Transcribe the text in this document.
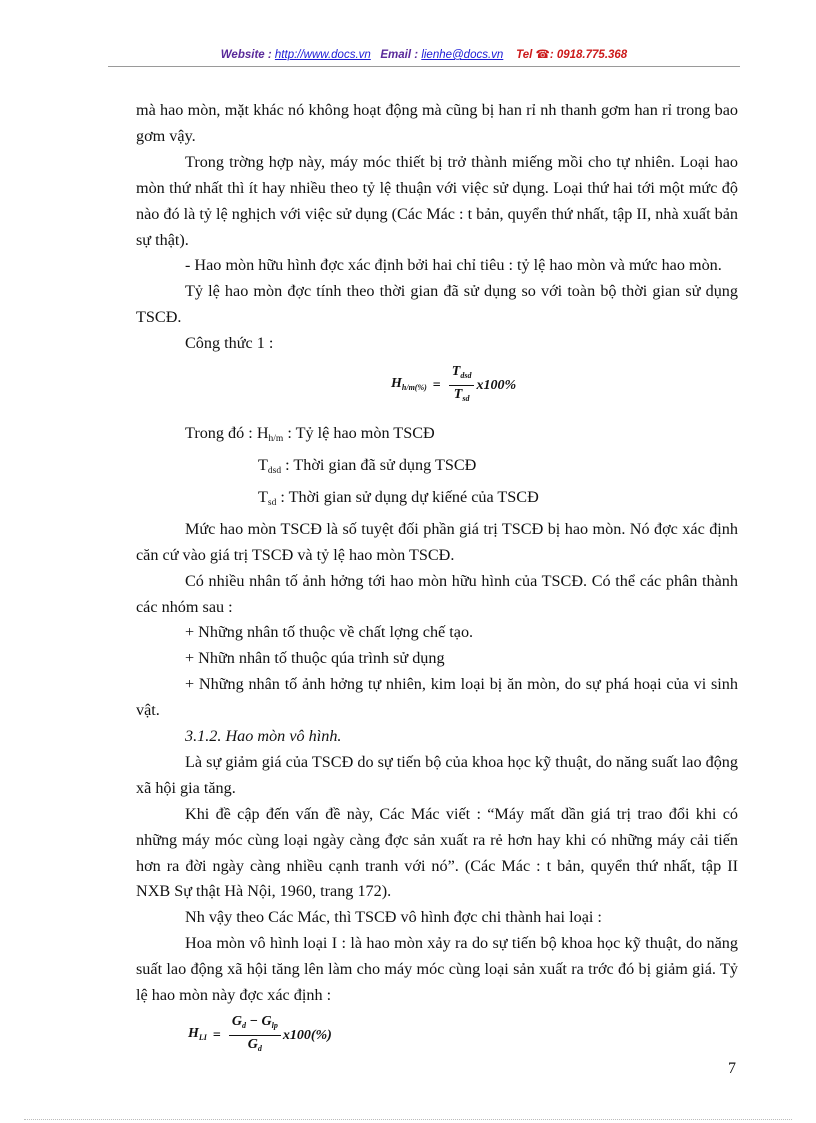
Website : http://www.docs.vn Email : lienhe@docs.vn Tel ☎: 0918.775.368

mà hao mòn, mặt khác nó không hoạt động mà cũng bị han rỉ nh thanh gơm han rỉ trong bao gơm vậy.

Trong trờng hợp này, máy móc thiết bị trở thành miếng mồi cho tự nhiên. Loại hao mòn thứ nhất thì ít hay nhiều theo tỷ lệ thuận với việc sử dụng. Loại thứ hai tới một mức độ nào đó là tỷ lệ nghịch với việc sử dụng (Các Mác : t bản, quyển thứ nhất, tập II, nhà xuất bản sự thật).

- Hao mòn hữu hình đợc xác định bởi hai chỉ tiêu : tỷ lệ hao mòn và mức hao mòn.

Tỷ lệ hao mòn đợc tính theo thời gian đã sử dụng so với toàn bộ thời gian sử dụng TSCĐ.

Công thức 1 :

$H_{h/m(\%)} = \frac{T_{dsd}}{T_{sd}} x100\%$

Trong đó : Hh/m : Tỷ lệ hao mòn TSCĐ

Tdsd : Thời gian đã sử dụng TSCĐ

Tsd : Thời gian sử dụng dự kiếné của TSCĐ

Mức hao mòn TSCĐ là số tuyệt đối phần giá trị TSCĐ bị hao mòn. Nó đợc xác định căn cứ vào giá trị TSCĐ và tỷ lệ hao mòn TSCĐ.

Có nhiều nhân tố ảnh hởng tới hao mòn hữu hình của TSCĐ. Có thể các phân thành các nhóm sau :

+ Những nhân tố thuộc về chất lợng chế tạo.

+ Nhữn nhân tố thuộc qúa trình sử dụng

+ Những nhân tố ảnh hởng tự nhiên, kim loại bị ăn mòn, do sự phá hoại của vi sinh vật.

3.1.2. Hao mòn vô hình.

Là sự giảm giá của TSCĐ do sự tiến bộ của khoa học kỹ thuật, do năng suất lao động xã hội gia tăng.

Khi đề cập đến vấn đề này, Các Mác viết : “Máy mất dần giá trị trao đổi khi có những máy móc cùng loại ngày càng đợc sản xuất ra rẻ hơn hay khi có những máy cải tiến hơn ra đời ngày càng nhiều cạnh tranh với nó”. (Các Mác : t bản, quyển thứ nhất, tập II NXB Sự thật Hà Nội, 1960, trang 172).

Nh vậy theo Các Mác, thì TSCĐ vô hình đợc chi thành hai loại :

Hoa mòn vô hình loại I : là hao mòn xảy ra do sự tiến bộ khoa học kỹ thuật, do năng suất lao động xã hội tăng lên làm cho máy móc cùng loại sản xuất ra trớc đó bị giảm giá. Tỷ lệ hao mòn này đợc xác định :

$H_{LI} = \frac{G_d - G_{lp}}{G_d} x100(\%)$
7
